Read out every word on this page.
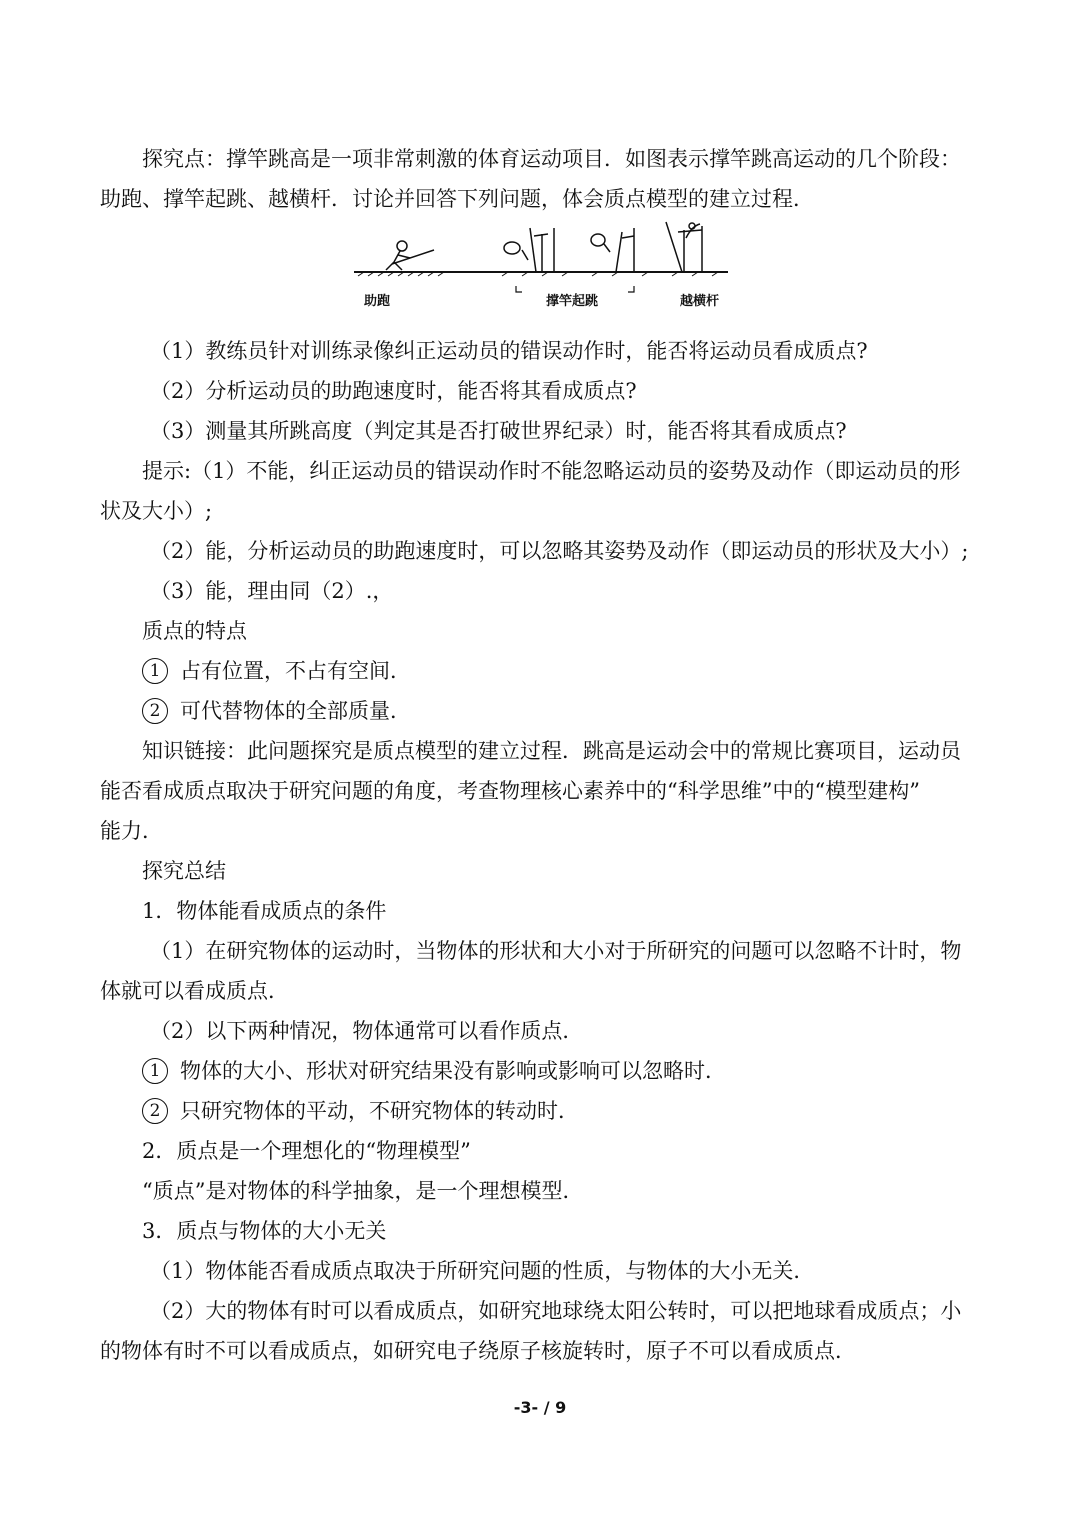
探究点：撑竿跳高是一项非常刺激的体育运动项目．如图表示撑竿跳高运动的几个阶段：
助跑、撑竿起跳、越横杆．讨论并回答下列问题，体会质点模型的建立过程．
助跑	撑竿起跳	越横杆
（1）教练员针对训练录像纠正运动员的错误动作时，能否将运动员看成质点?
（2）分析运动员的助跑速度时，能否将其看成质点?
（3）测量其所跳高度（判定其是否打破世界纪录）时，能否将其看成质点?
提示:（1）不能，纠正运动员的错误动作时不能忽略运动员的姿势及动作（即运动员的形
状及大小）;
（2）能，分析运动员的助跑速度时，可以忽略其姿势及动作（即运动员的形状及大小）;
（3）能，理由同（2）.，
质点的特点
1 占有位置，不占有空间．
2 可代替物体的全部质量．
知识链接：此问题探究是质点模型的建立过程．跳高是运动会中的常规比赛项目，运动员
能否看成质点取决于研究问题的角度，考查物理核心素养中的“科学思维”中的“模型建构”
能力．
探究总结
1．物体能看成质点的条件
（1）在研究物体的运动时，当物体的形状和大小对于所研究的问题可以忽略不计时，物
体就可以看成质点．
（2）以下两种情况，物体通常可以看作质点．
1 物体的大小、形状对研究结果没有影响或影响可以忽略时．
2 只研究物体的平动，不研究物体的转动时．
2．质点是一个理想化的“物理模型”
“质点”是对物体的科学抽象，是一个理想模型．
3．质点与物体的大小无关
（1）物体能否看成质点取决于所研究问题的性质，与物体的大小无关．
（2）大的物体有时可以看成质点，如研究地球绕太阳公转时，可以把地球看成质点；小
的物体有时不可以看成质点，如研究电子绕原子核旋转时，原子不可以看成质点．
-3- / 9
